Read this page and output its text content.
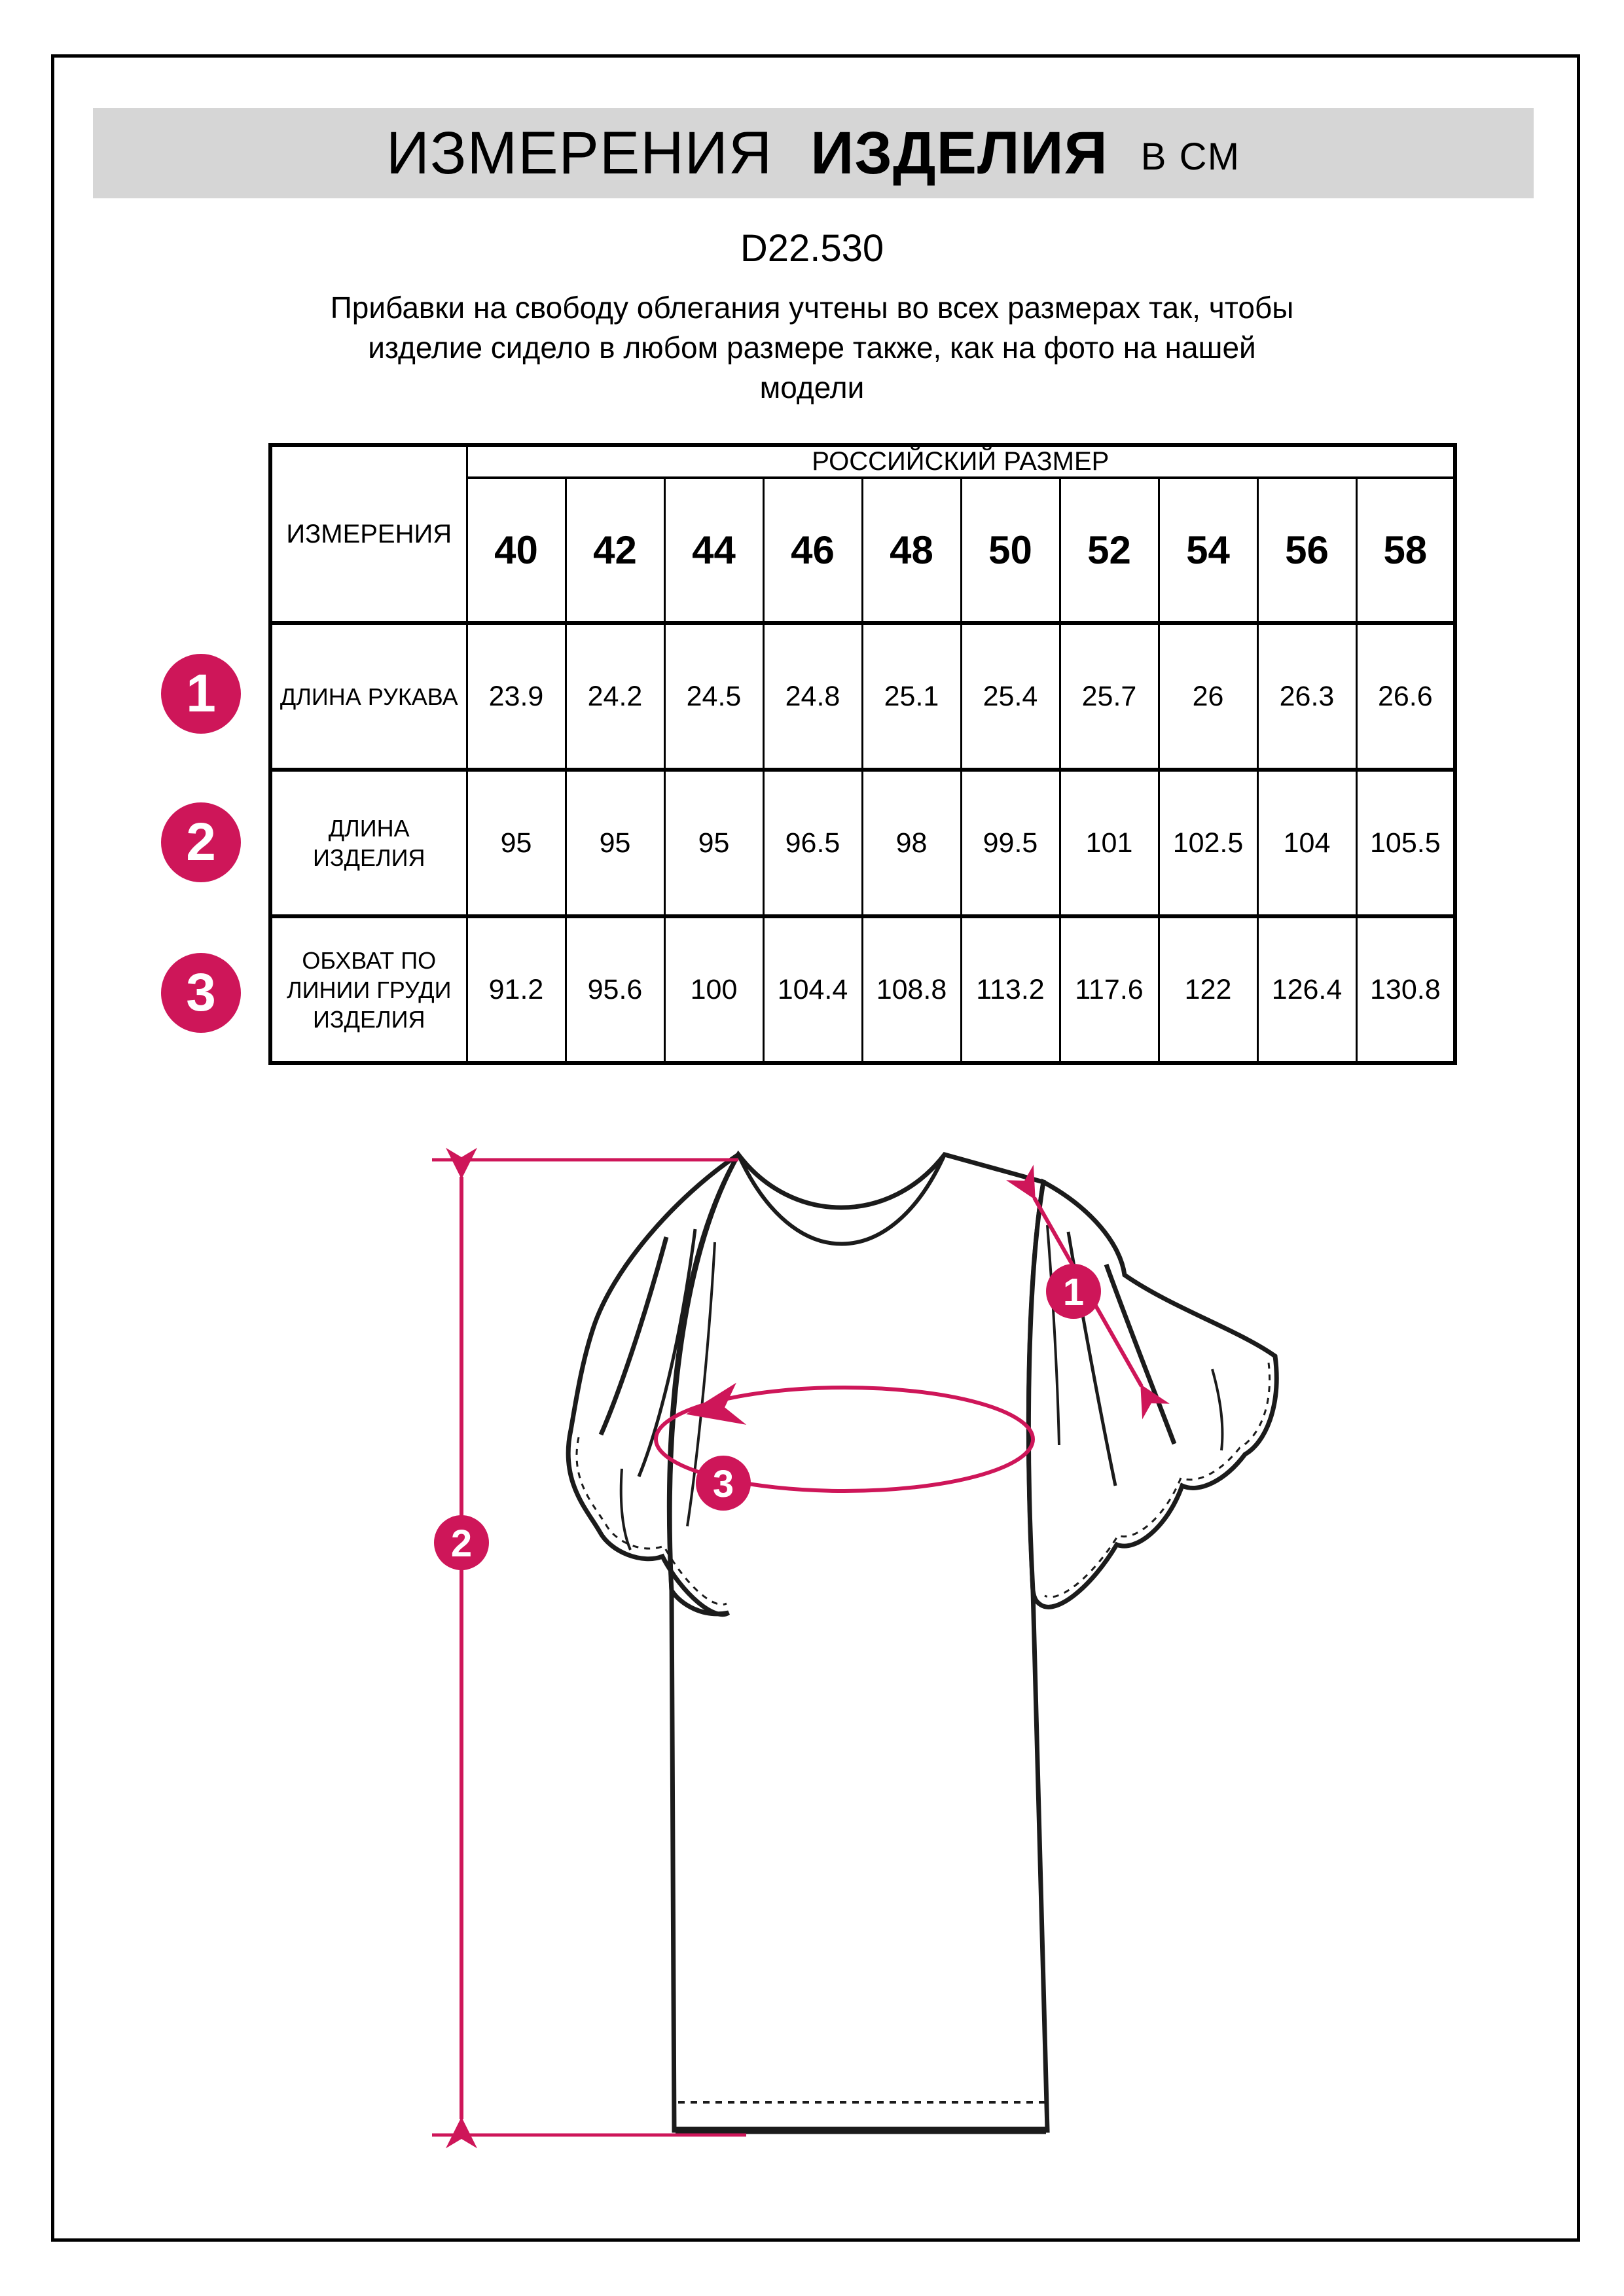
ИЗМЕРЕНИЯ ИЗДЕЛИЯ В СМ
D22.530
Прибавки на свободу облегания учтены во всех размерах так, чтобы
изделие сидело в любом размере также, как на фото на нашей
модели
ИЗМЕРЕНИЯ	РОССИЙСКИЙ РАЗМЕР									
	40	42	44	46	48	50	52	54	56	58
ДЛИНА РУКАВА	23.9	24.2	24.5	24.8	25.1	25.4	25.7	26	26.3	26.6
ДЛИНА ИЗДЕЛИЯ	95	95	95	96.5	98	99.5	101	102.5	104	105.5
ОБХВАТ ПО ЛИНИИ ГРУДИ ИЗДЕЛИЯ	91.2	95.6	100	104.4	108.8	113.2	117.6	122	126.4	130.8
1
2
3
1
2
3
